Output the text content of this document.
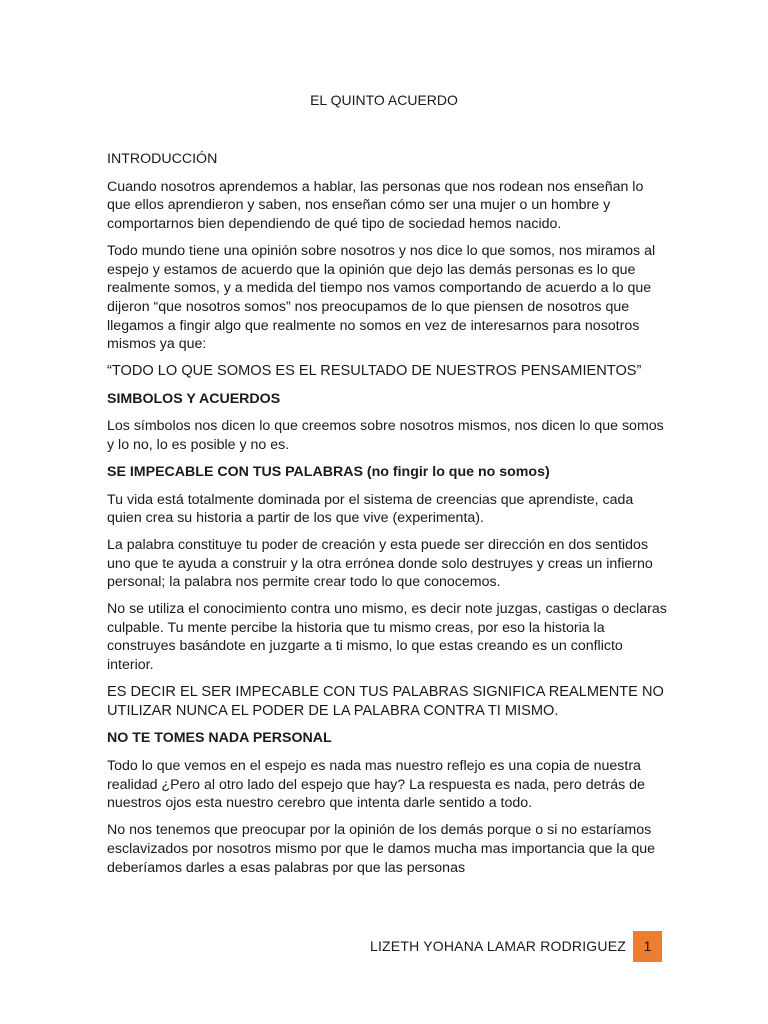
EL QUINTO ACUERDO

INTRODUCCIÓN

Cuando nosotros aprendemos a hablar, las personas que nos rodean nos enseñan lo que ellos aprendieron y saben, nos enseñan cómo ser una mujer o un hombre y comportarnos bien dependiendo de qué tipo de sociedad hemos nacido.

Todo mundo tiene una opinión sobre nosotros y nos dice lo que somos, nos miramos al espejo y estamos de acuerdo que la opinión que dejo las demás personas es lo que realmente somos, y a medida del tiempo nos vamos comportando de acuerdo a lo que dijeron “que nosotros somos” nos preocupamos de lo que piensen de nosotros que llegamos a fingir algo que realmente no somos en vez de interesarnos para nosotros mismos ya que:

“TODO LO QUE SOMOS ES EL RESULTADO DE NUESTROS PENSAMIENTOS”

SIMBOLOS Y ACUERDOS

Los símbolos nos dicen lo que creemos sobre nosotros mismos, nos dicen lo que somos y lo no, lo es posible y no es.

SE IMPECABLE CON TUS PALABRAS (no fingir lo que no somos)

Tu vida está totalmente dominada por el sistema de creencias que aprendiste, cada quien crea su historia a partir de los que vive (experimenta).

La palabra constituye tu poder de creación y esta puede ser dirección en dos sentidos uno que te ayuda a construir y la otra errónea donde solo destruyes y creas un infierno personal; la palabra nos permite crear todo lo que conocemos.

No se utiliza el conocimiento contra uno mismo, es decir note juzgas, castigas o declaras culpable. Tu mente percibe la historia que tu mismo creas, por eso la historia la construyes basándote en juzgarte a ti mismo, lo que estas creando es un conflicto interior.

ES DECIR EL SER IMPECABLE CON TUS PALABRAS SIGNIFICA REALMENTE NO UTILIZAR NUNCA EL PODER DE LA PALABRA CONTRA TI MISMO.

NO TE TOMES NADA PERSONAL

Todo lo que vemos en el espejo es nada mas nuestro reflejo es una copia de nuestra realidad ¿Pero al otro lado del espejo que hay? La respuesta es nada, pero detrás de nuestros ojos esta nuestro cerebro que intenta darle sentido a todo.

No nos tenemos que preocupar por la opinión de los demás porque o si no estaríamos esclavizados por nosotros mismo por que le damos mucha mas importancia que la que deberíamos darles a esas palabras por que las personas

LIZETH YOHANA LAMAR RODRIGUEZ	1
